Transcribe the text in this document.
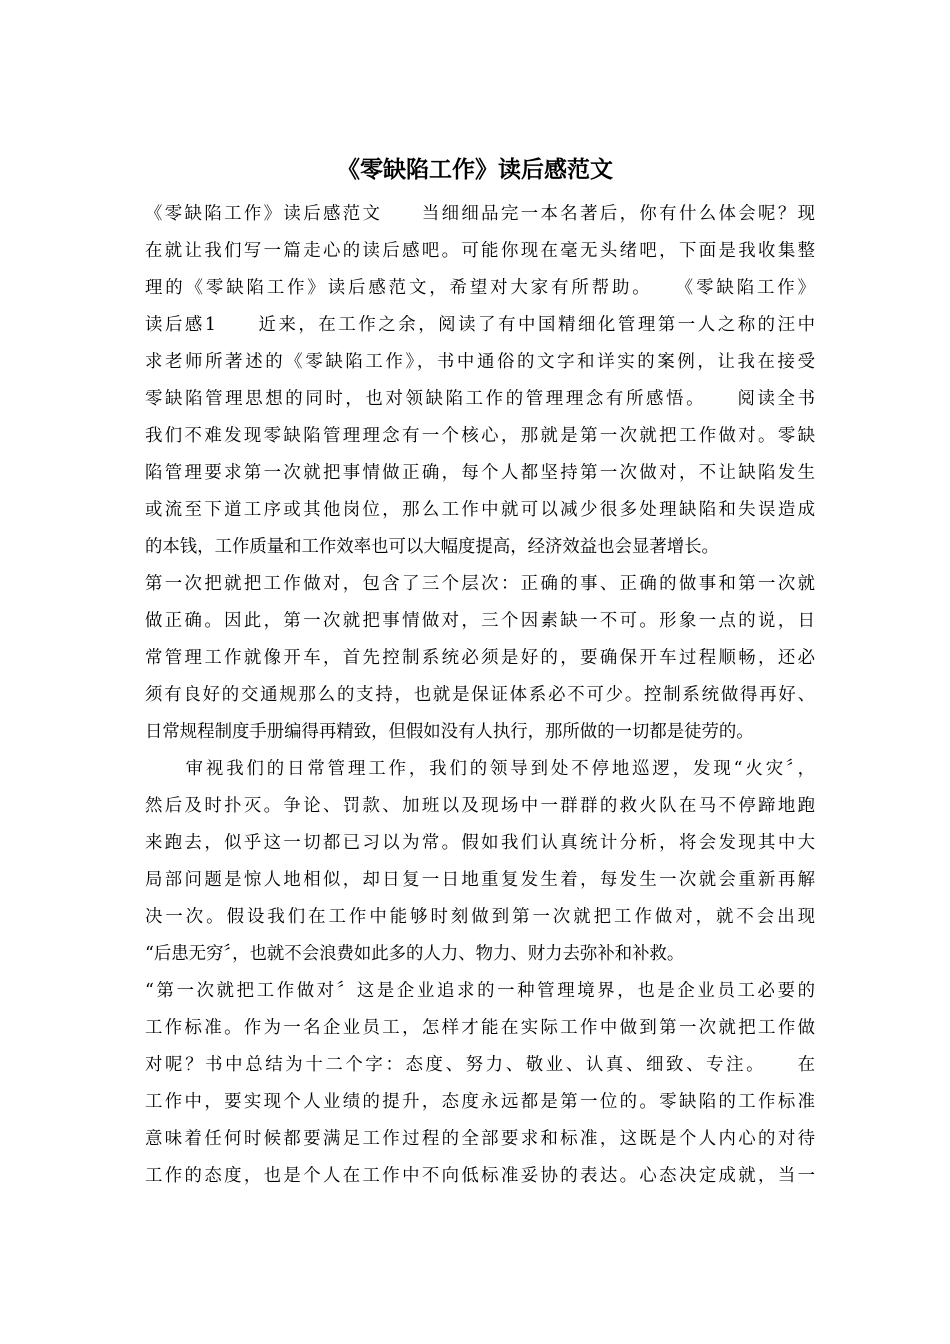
《零缺陷工作》读后感范文
《零缺陷工作》读后感范文　　当细细品完一本名著后，你有什么体会呢？现
在就让我们写一篇走心的读后感吧。可能你现在毫无头绪吧，下面是我收集整
理的《零缺陷工作》读后感范文，希望对大家有所帮助。　　《零缺陷工作》
读后感1　　近来，在工作之余，阅读了有中国精细化管理第一人之称的汪中
求老师所著述的《零缺陷工作》，书中通俗的文字和详实的案例，让我在接受
零缺陷管理思想的同时，也对领缺陷工作的管理理念有所感悟。　　阅读全书
我们不难发现零缺陷管理理念有一个核心，那就是第一次就把工作做对。零缺
陷管理要求第一次就把事情做正确，每个人都坚持第一次做对，不让缺陷发生
或流至下道工序或其他岗位，那么工作中就可以减少很多处理缺陷和失误造成
的本钱，工作质量和工作效率也可以大幅度提高，经济效益也会显著增长。
第一次把就把工作做对，包含了三个层次：正确的事、正确的做事和第一次就
做正确。因此，第一次就把事情做对，三个因素缺一不可。形象一点的说，日
常管理工作就像开车，首先控制系统必须是好的，要确保开车过程顺畅，还必
须有良好的交通规那么的支持，也就是保证体系必不可少。控制系统做得再好、
日常规程制度手册编得再精致，但假如没有人执行，那所做的一切都是徒劳的。
　　审视我们的日常管理工作，我们的领导到处不停地巡逻，发现“火灾〞，
然后及时扑灭。争论、罚款、加班以及现场中一群群的救火队在马不停蹄地跑
来跑去，似乎这一切都已习以为常。假如我们认真统计分析，将会发现其中大
局部问题是惊人地相似，却日复一日地重复发生着，每发生一次就会重新再解
决一次。假设我们在工作中能够时刻做到第一次就把工作做对，就不会出现
“后患无穷〞，也就不会浪费如此多的人力、物力、财力去弥补和补救。
“第一次就把工作做对〞这是企业追求的一种管理境界，也是企业员工必要的
工作标准。作为一名企业员工，怎样才能在实际工作中做到第一次就把工作做
对呢？书中总结为十二个字：态度、努力、敬业、认真、细致、专注。　　在
工作中，要实现个人业绩的提升，态度永远都是第一位的。零缺陷的工作标准
意味着任何时候都要满足工作过程的全部要求和标准，这既是个人内心的对待
工作的态度，也是个人在工作中不向低标准妥协的表达。心态决定成就，当一
